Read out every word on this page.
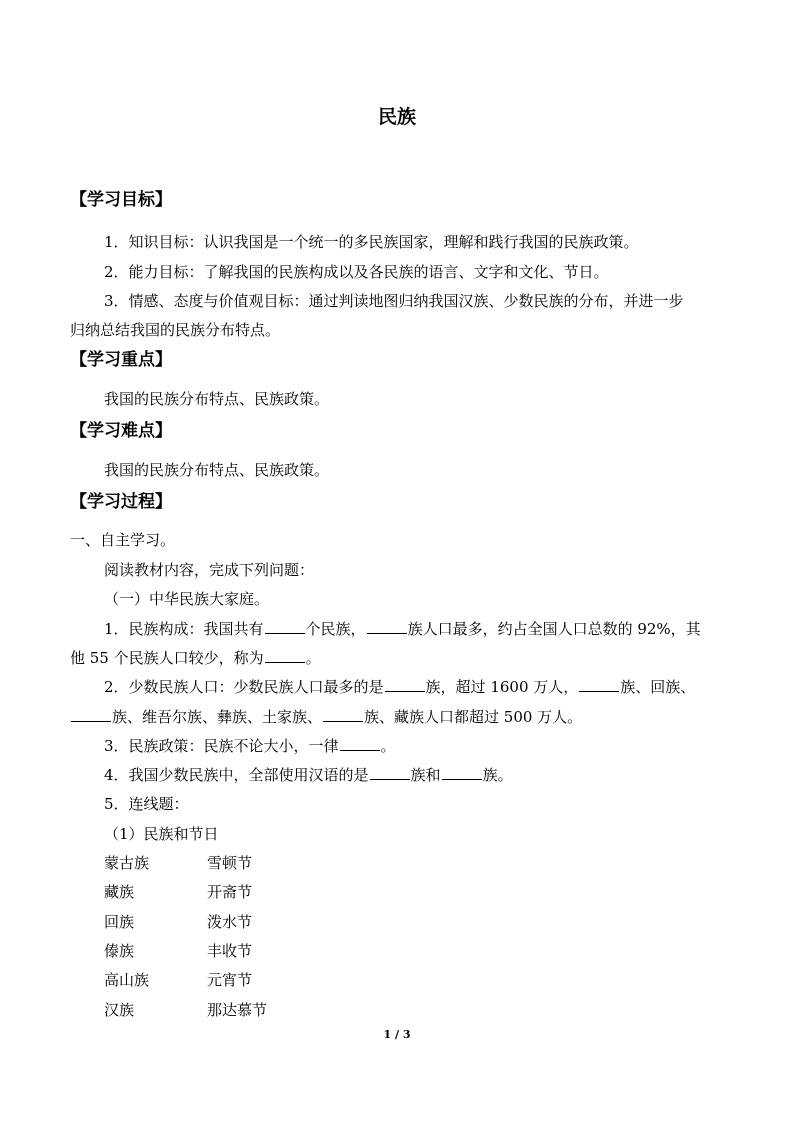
民族
【学习目标】
1．知识目标：认识我国是一个统一的多民族国家，理解和践行我国的民族政策。
2．能力目标：了解我国的民族构成以及各民族的语言、文字和文化、节日。
3．情感、态度与价值观目标：通过判读地图归纳我国汉族、少数民族的分布，并进一步
归纳总结我国的民族分布特点。
【学习重点】
我国的民族分布特点、民族政策。
【学习难点】
我国的民族分布特点、民族政策。
【学习过程】
一、自主学习。
阅读教材内容，完成下列问题：
（一）中华民族大家庭。
1．民族构成：我国共有	个民族，	族人口最多，约占全国人口总数的 92%，其
他 55 个民族人口较少，称为	。
2．少数民族人口：少数民族人口最多的是	族，超过 1600 万人，	族、回族、
族、维吾尔族、彝族、土家族、	族、藏族人口都超过 500 万人。
3．民族政策：民族不论大小，一律	。
4．我国少数民族中，全部使用汉语的是	族和	族。
5．连线题：
（1）民族和节日
蒙古族	雪顿节
藏族	开斋节
回族	泼水节
傣族	丰收节
高山族	元宵节
汉族	那达慕节
1 / 3
